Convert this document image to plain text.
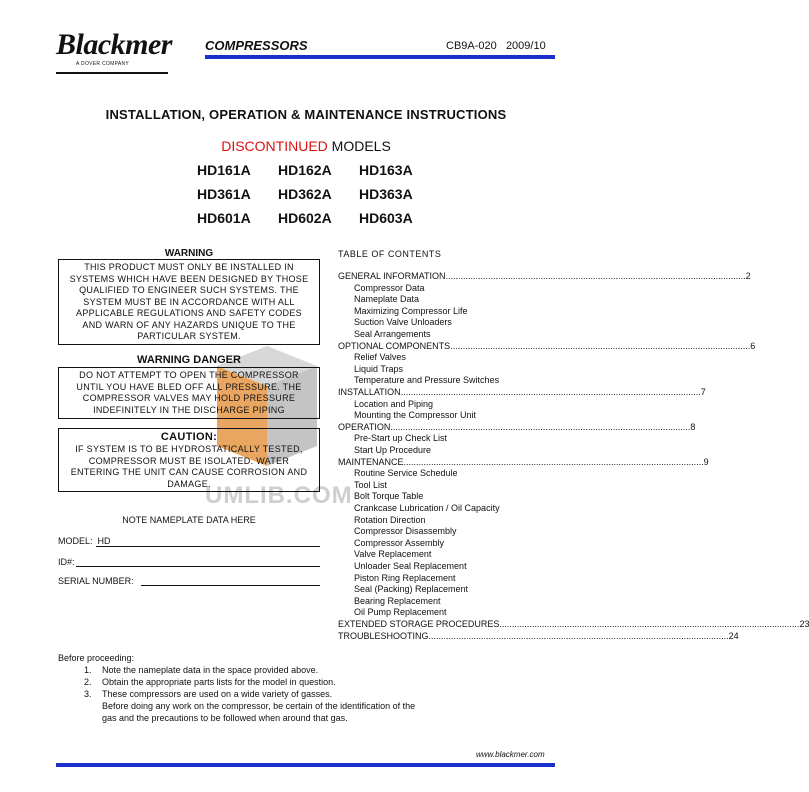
Blackmer
A DOVER COMPANY
COMPRESSORS	CB9A-020 2009/10
INSTALLATION, OPERATION & MAINTENANCE INSTRUCTIONS
DISCONTINUED MODELS
HD161A HD162A HD163A
HD361A HD362A HD363A
HD601A HD602A HD603A
UMLIB.COM
WARNING
THIS PRODUCT MUST ONLY BE INSTALLED IN
SYSTEMS WHICH HAVE BEEN DESIGNED BY THOSE
QUALIFIED TO ENGINEER SUCH SYSTEMS. THE
SYSTEM MUST BE IN ACCORDANCE WITH ALL
APPLICABLE REGULATIONS AND SAFETY CODES
AND WARN OF ANY HAZARDS UNIQUE TO THE
PARTICULAR SYSTEM.
WARNING DANGER
DO NOT ATTEMPT TO OPEN THE COMPRESSOR
UNTIL YOU HAVE BLED OFF ALL PRESSURE. THE
COMPRESSOR VALVES MAY HOLD PRESSURE
INDEFINITELY IN THE DISCHARGE PIPING
CAUTION:
IF SYSTEM IS TO BE HYDROSTATICALLY TESTED,
COMPRESSOR MUST BE ISOLATED. WATER
ENTERING THE UNIT CAN CAUSE CORROSION AND
DAMAGE.
NOTE NAMEPLATE DATA HERE
MODEL: HD
ID#:
SERIAL NUMBER:
TABLE OF CONTENTS
GENERAL INFORMATION ........................................................................................................................ 2
Compressor Data
Nameplate Data
Maximizing Compressor Life
Suction Valve Unloaders
Seal Arrangements
OPTIONAL COMPONENTS ........................................................................................................................ 6
Relief Valves
Liquid Traps
Temperature and Pressure Switches
INSTALLATION ........................................................................................................................ 7
Location and Piping
Mounting the Compressor Unit
OPERATION ........................................................................................................................ 8
Pre-Start up Check List
Start Up Procedure
MAINTENANCE ........................................................................................................................ 9
Routine Service Schedule
Tool List
Bolt Torque Table
Crankcase Lubrication / Oil Capacity
Rotation Direction
Compressor Disassembly
Compressor Assembly
Valve Replacement
Unloader Seal Replacement
Piston Ring Replacement
Seal (Packing) Replacement
Bearing Replacement
Oil Pump Replacement
EXTENDED STORAGE PROCEDURES ........................................................................................................................ 23
TROUBLESHOOTING ........................................................................................................................ 24
Before proceeding:
1. Note the nameplate data in the space provided above.
2. Obtain the appropriate parts lists for the model in question.
3. These compressors are used on a wide variety of gasses.
Before doing any work on the compressor, be certain of the identification of the
gas and the precautions to be followed when around that gas.
www.blackmer.com
